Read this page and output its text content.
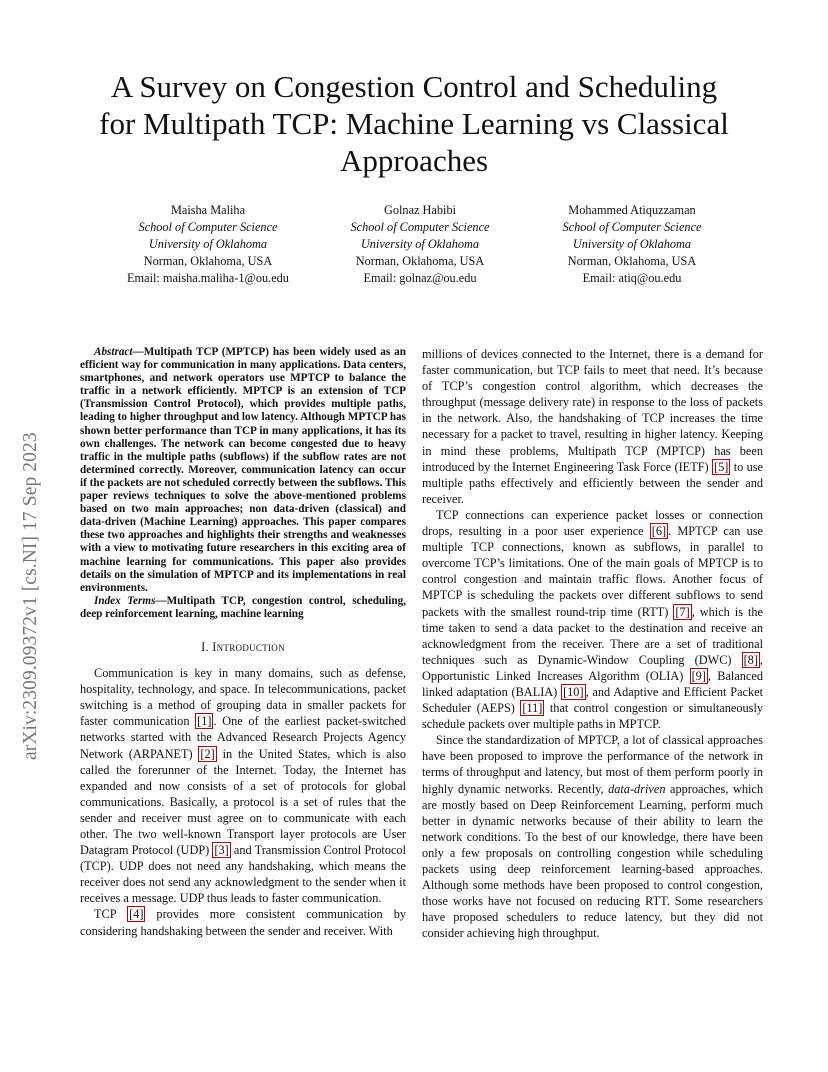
arXiv:2309.09372v1 [cs.NI] 17 Sep 2023
A Survey on Congestion Control and Scheduling
for Multipath TCP: Machine Learning vs Classical
Approaches
Maisha Maliha
School of Computer Science
University of Oklahoma
Norman, Oklahoma, USA
Email: maisha.maliha-1@ou.edu
Golnaz Habibi
School of Computer Science
University of Oklahoma
Norman, Oklahoma, USA
Email: golnaz@ou.edu
Mohammed Atiquzzaman
School of Computer Science
University of Oklahoma
Norman, Oklahoma, USA
Email: atiq@ou.edu

Abstract—Multipath TCP (MPTCP) has been widely used as an efficient way for communication in many applications. Data centers, smartphones, and network operators use MPTCP to balance the traffic in a network efficiently. MPTCP is an extension of TCP (Transmission Control Protocol), which provides multiple paths, leading to higher throughput and low latency. Although MPTCP has shown better performance than TCP in many applications, it has its own challenges. The network can become congested due to heavy traffic in the multiple paths (subflows) if the subflow rates are not determined correctly. Moreover, communication latency can occur if the packets are not scheduled correctly between the subflows. This paper reviews techniques to solve the above-mentioned problems based on two main approaches; non data-driven (classical) and data-driven (Machine Learning) approaches. This paper compares these two approaches and highlights their strengths and weaknesses with a view to motivating future researchers in this exciting area of machine learning for communications. This paper also provides details on the simulation of MPTCP and its implementations in real environments.

Index Terms—Multipath TCP, congestion control, scheduling, deep reinforcement learning, machine learning

I. Introduction

Communication is key in many domains, such as defense, hospitality, technology, and space. In telecommunications, packet switching is a method of grouping data in smaller packets for faster communication [1] . One of the earliest packet-switched networks started with the Advanced Research Projects Agency Network (ARPANET) [2] in the United States, which is also called the forerunner of the Internet. Today, the Internet has expanded and now consists of a set of protocols for global communications. Basically, a protocol is a set of rules that the sender and receiver must agree on to communicate with each other. The two well-known Transport layer protocols are User Datagram Protocol (UDP) [3] and Transmission Control Protocol (TCP). UDP does not need any handshaking, which means the receiver does not send any acknowledgment to the sender when it receives a message. UDP thus leads to faster communication.

TCP [4] provides more consistent communication by considering handshaking between the sender and receiver. With

millions of devices connected to the Internet, there is a demand for faster communication, but TCP fails to meet that need. It’s because of TCP’s congestion control algorithm, which decreases the throughput (message delivery rate) in response to the loss of packets in the network. Also, the handshaking of TCP increases the time necessary for a packet to travel, resulting in higher latency. Keeping in mind these problems, Multipath TCP (MPTCP) has been introduced by the Internet Engineering Task Force (IETF) [5] to use multiple paths effectively and efficiently between the sender and receiver.

TCP connections can experience packet losses or connection drops, resulting in a poor user experience [6] . MPTCP can use multiple TCP connections, known as subflows, in parallel to overcome TCP’s limitations. One of the main goals of MPTCP is to control congestion and maintain traffic flows. Another focus of MPTCP is scheduling the packets over different subflows to send packets with the smallest round-trip time (RTT) [7] , which is the time taken to send a data packet to the destination and receive an acknowledgment from the receiver. There are a set of traditional techniques such as Dynamic-Window Coupling (DWC) [8] , Opportunistic Linked Increases Algorithm (OLIA) [9] , Balanced linked adaptation (BALIA) [10] , and Adaptive and Efficient Packet Scheduler (AEPS) [11] that control congestion or simultaneously schedule packets over multiple paths in MPTCP.

Since the standardization of MPTCP, a lot of classical approaches have been proposed to improve the performance of the network in terms of throughput and latency, but most of them perform poorly in highly dynamic networks. Recently, data-driven approaches, which are mostly based on Deep Reinforcement Learning, perform much better in dynamic networks because of their ability to learn the network conditions. To the best of our knowledge, there have been only a few proposals on controlling congestion while scheduling packets using deep reinforcement learning-based approaches. Although some methods have been proposed to control congestion, those works have not focused on reducing RTT. Some researchers have proposed schedulers to reduce latency, but they did not consider achieving high throughput.
